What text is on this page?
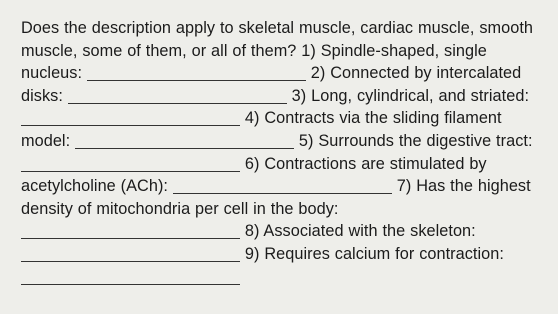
Does the description apply to skeletal muscle, cardiac muscle, smooth muscle, some of them, or all of them? 1) Spindle-shaped, single nucleus:	2) Connected by intercalated disks:	3) Long, cylindrical, and striated:  4) Contracts via the sliding filament model:	5) Surrounds the digestive tract:  6) Contractions are stimulated by acetylcholine (ACh):	7) Has the highest density of mitochondria per cell in the body:  8) Associated with the skeleton:  9) Requires calcium for contraction:
